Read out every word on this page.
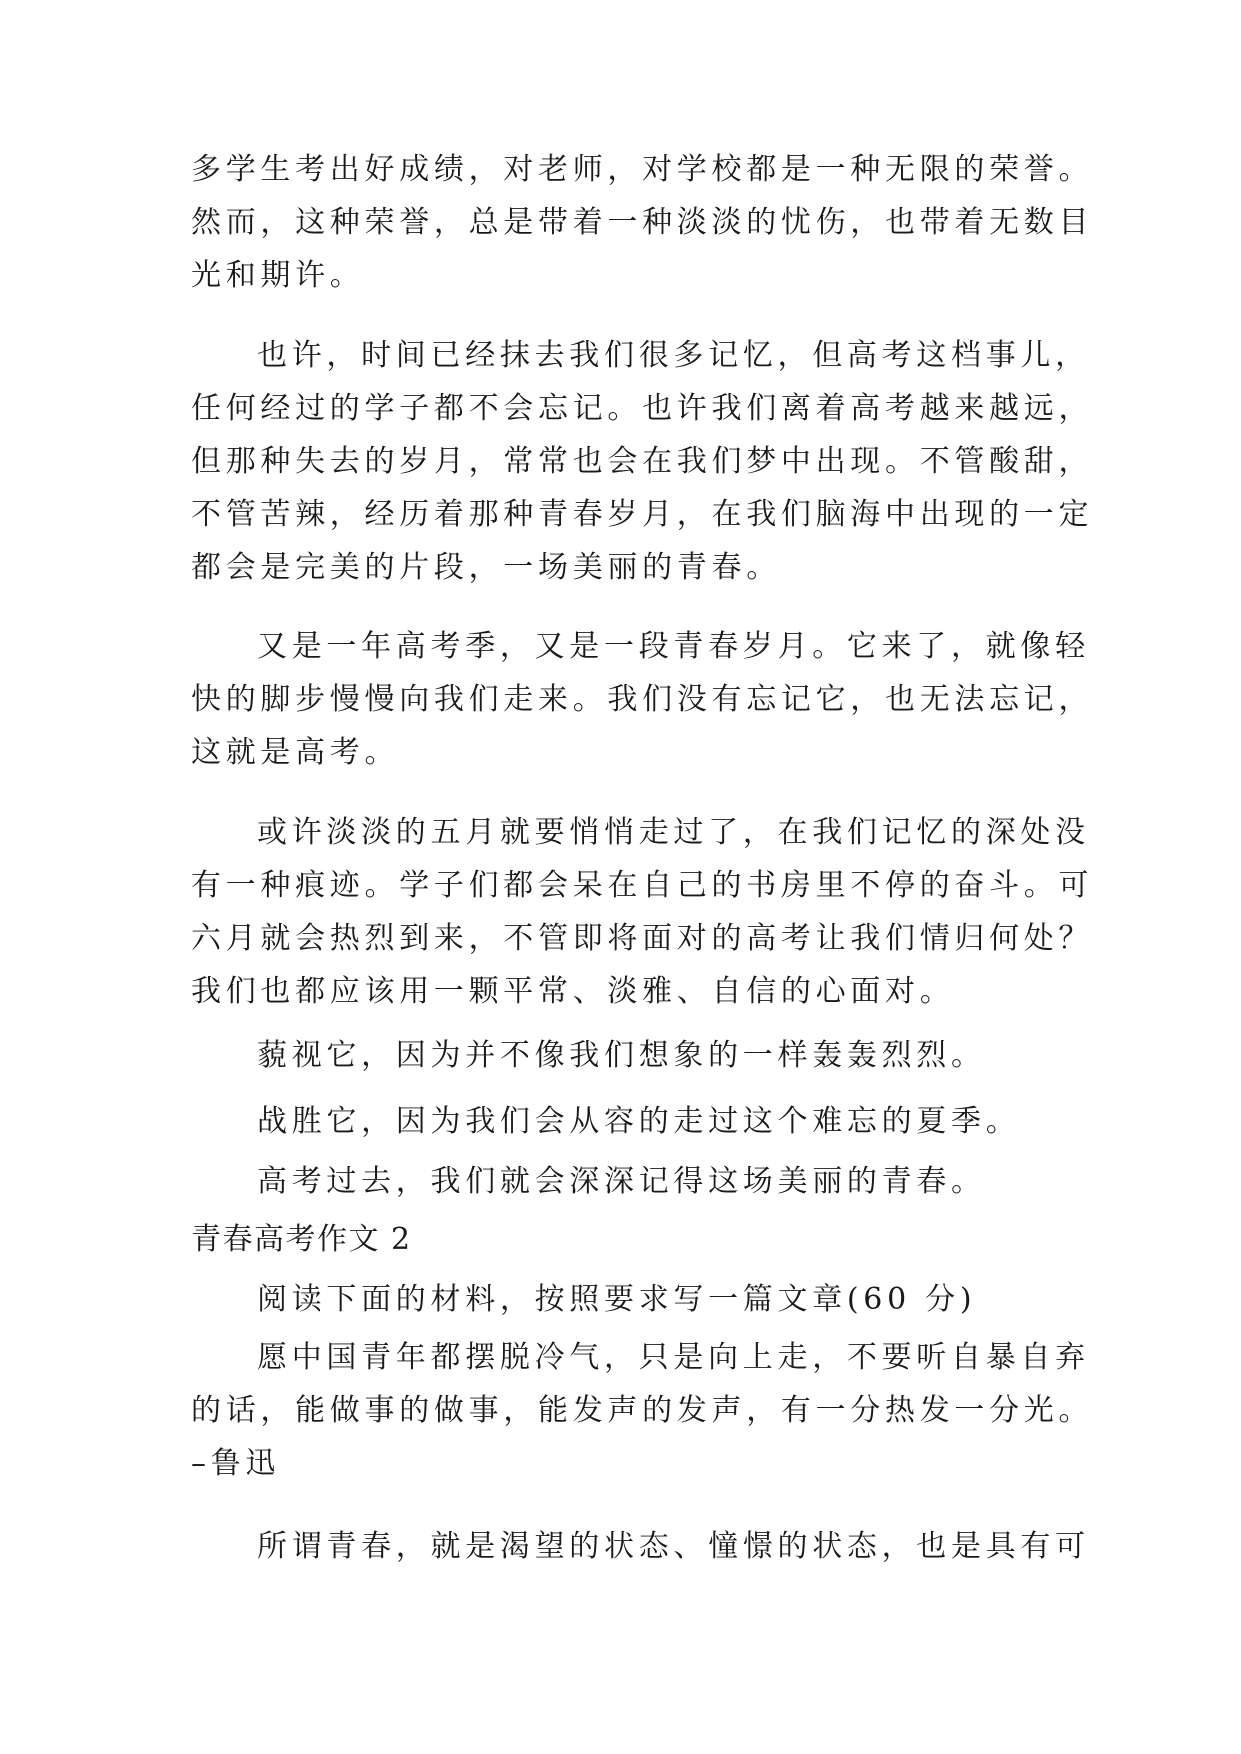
多学生考出好成绩，对老师，对学校都是一种无限的荣誉。

然而，这种荣誉，总是带着一种淡淡的忧伤，也带着无数目

光和期许。

也许，时间已经抹去我们很多记忆，但高考这档事儿，

任何经过的学子都不会忘记。也许我们离着高考越来越远，

但那种失去的岁月，常常也会在我们梦中出现。不管酸甜，

不管苦辣，经历着那种青春岁月，在我们脑海中出现的一定

都会是完美的片段，一场美丽的青春。

又是一年高考季，又是一段青春岁月。它来了，就像轻

快的脚步慢慢向我们走来。我们没有忘记它，也无法忘记，

这就是高考。

或许淡淡的五月就要悄悄走过了，在我们记忆的深处没

有一种痕迹。学子们都会呆在自己的书房里不停的奋斗。可

六月就会热烈到来，不管即将面对的高考让我们情归何处？

我们也都应该用一颗平常、淡雅、自信的心面对。

藐视它，因为并不像我们想象的一样轰轰烈烈。

战胜它，因为我们会从容的走过这个难忘的夏季。

高考过去，我们就会深深记得这场美丽的青春。

青春高考作文 2

阅读下面的材料，按照要求写一篇文章(60 分)

愿中国青年都摆脱冷气，只是向上走，不要听自暴自弃

的话，能做事的做事，能发声的发声，有一分热发一分光。

–鲁迅

所谓青春，就是渴望的状态、憧憬的状态，也是具有可
